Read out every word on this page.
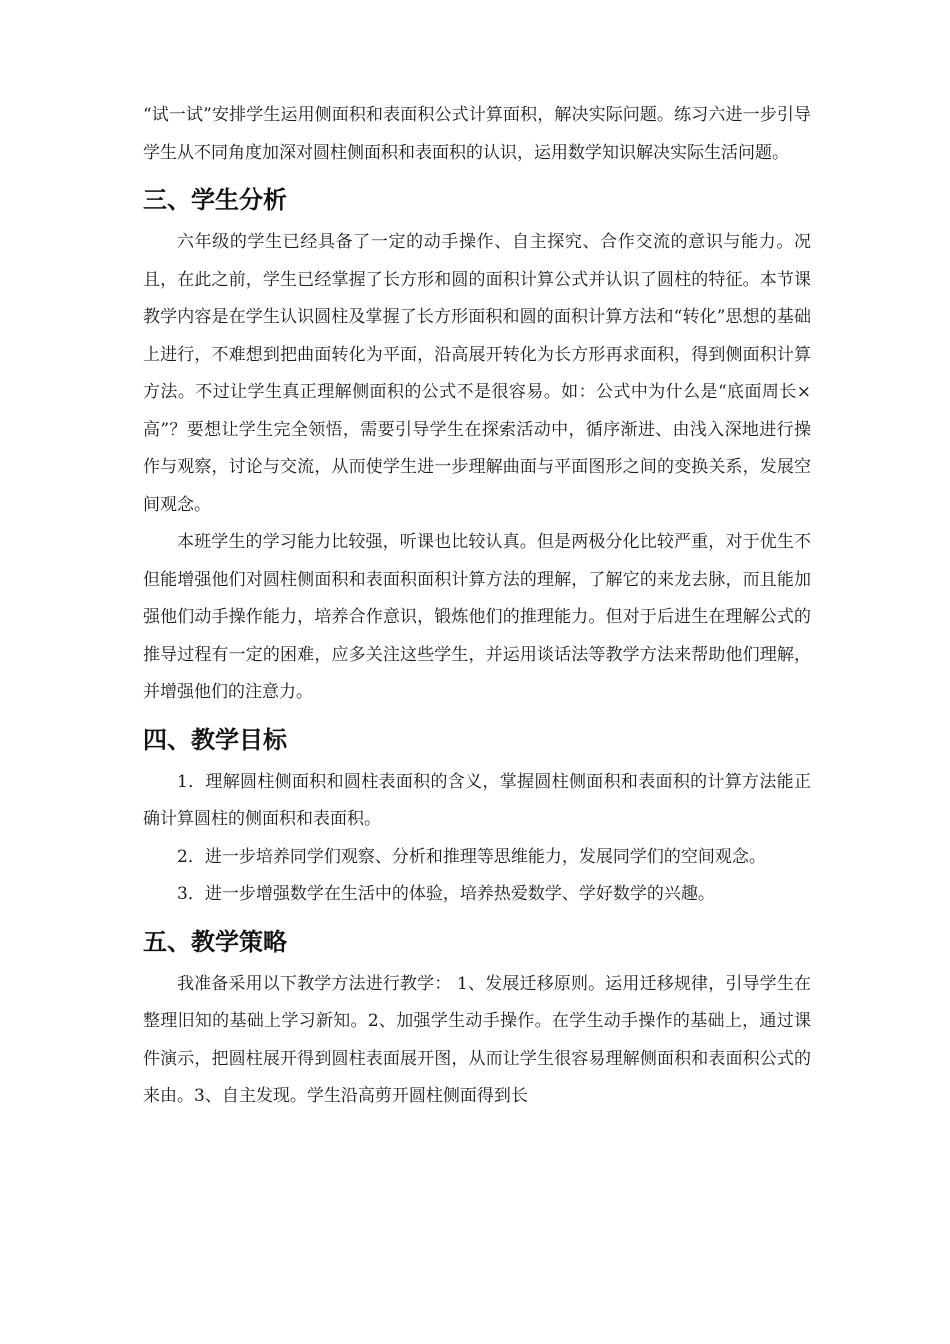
“试一试”安排学生运用侧面积和表面积公式计算面积，解决实际问题。练习六进一步引导学生从不同角度加深对圆柱侧面积和表面积的认识，运用数学知识解决实际生活问题。

三、学生分析

六年级的学生已经具备了一定的动手操作、自主探究、合作交流的意识与能力。况且，在此之前，学生已经掌握了长方形和圆的面积计算公式并认识了圆柱的特征。本节课教学内容是在学生认识圆柱及掌握了长方形面积和圆的面积计算方法和“转化”思想的基础上进行，不难想到把曲面转化为平面，沿高展开转化为长方形再求面积，得到侧面积计算方法。不过让学生真正理解侧面积的公式不是很容易。如：公式中为什么是“底面周长×高”？要想让学生完全领悟，需要引导学生在探索活动中，循序渐进、由浅入深地进行操作与观察，讨论与交流，从而使学生进一步理解曲面与平面图形之间的变换关系，发展空间观念。

本班学生的学习能力比较强，听课也比较认真。但是两极分化比较严重，对于优生不但能增强他们对圆柱侧面积和表面积面积计算方法的理解，了解它的来龙去脉，而且能加强他们动手操作能力，培养合作意识，锻炼他们的推理能力。但对于后进生在理解公式的推导过程有一定的困难，应多关注这些学生，并运用谈话法等教学方法来帮助他们理解，并增强他们的注意力。

四、教学目标

1．理解圆柱侧面积和圆柱表面积的含义，掌握圆柱侧面积和表面积的计算方法能正确计算圆柱的侧面积和表面积。

2．进一步培养同学们观察、分析和推理等思维能力，发展同学们的空间观念。

3．进一步增强数学在生活中的体验，培养热爱数学、学好数学的兴趣。

五、教学策略

我准备采用以下教学方法进行教学： 1、发展迁移原则。运用迁移规律，引导学生在整理旧知的基础上学习新知。2、加强学生动手操作。在学生动手操作的基础上，通过课件演示，把圆柱展开得到圆柱表面展开图，从而让学生很容易理解侧面积和表面积公式的来由。3、自主发现。学生沿高剪开圆柱侧面得到长
